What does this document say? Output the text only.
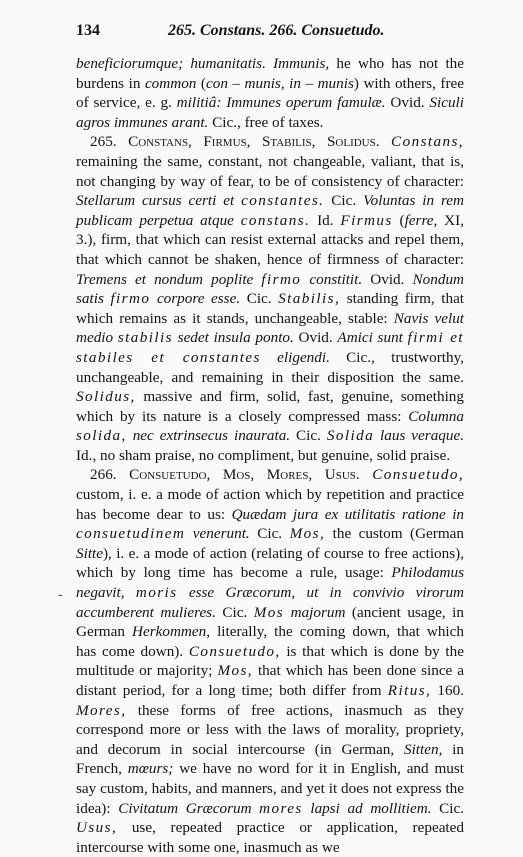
134	265. Constans. 266. Consuetudo.

beneficiorumque; humanitatis. Immunis, he who has not the burdens in common (con – munis, in – munis) with others, free of service, e. g. militiâ: Immunes operum famulæ. Ovid. Siculi agros immunes arant. Cic., free of taxes.

265. Constans, Firmus, Stabilis, Solidus. Constans, remaining the same, constant, not changeable, valiant, that is, not changing by way of fear, to be of consistency of character: Stellarum cursus certi et constantes. Cic. Voluntas in rem publicam perpetua atque constans. Id. Firmus (ferre, XI, 3.), firm, that which can resist external attacks and repel them, that which cannot be shaken, hence of firmness of character: Tremens et nondum poplite firmo constitit. Ovid. Nondum satis firmo corpore esse. Cic. Stabilis, standing firm, that which remains as it stands, unchangeable, stable: Navis velut medio stabilis sedet insula ponto. Ovid. Amici sunt firmi et stabiles et constantes eligendi. Cic., trustworthy, unchangeable, and remaining in their disposition the same. Solidus, massive and firm, solid, fast, genuine, something which by its nature is a closely compressed mass: Columna solida, nec extrinsecus inaurata. Cic. Solida laus veraque. Id., no sham praise, no compliment, but genuine, solid praise.

266. Consuetudo, Mos, Mores, Usus. Consuetudo, custom, i. e. a mode of action which by repetition and practice has become dear to us: Quædam jura ex utilitatis ratione in consuetudinem venerunt. Cic. Mos, the custom (German Sitte), i. e. a mode of action (relating of course to free actions), which by long time has become a rule, usage: Philodamus negavit, moris esse Græcorum, ut in convivio virorum accumberent mulieres. Cic. Mos majorum (ancient usage, in German Herkommen, literally, the coming down, that which has come down). Consuetudo, is that which is done by the multitude or majority; Mos, that which has been done since a distant period, for a long time; both differ from Ritus, 160. Mores, these forms of free actions, inasmuch as they correspond more or less with the laws of morality, propriety, and decorum in social intercourse (in German, Sitten, in French, mœurs; we have no word for it in English, and must say custom, habits, and manners, and yet it does not express the idea): Civitatum Græcorum mores lapsi ad mollitiem. Cic. Usus, use, repeated practice or application, repeated intercourse with some one, inasmuch as we

-
